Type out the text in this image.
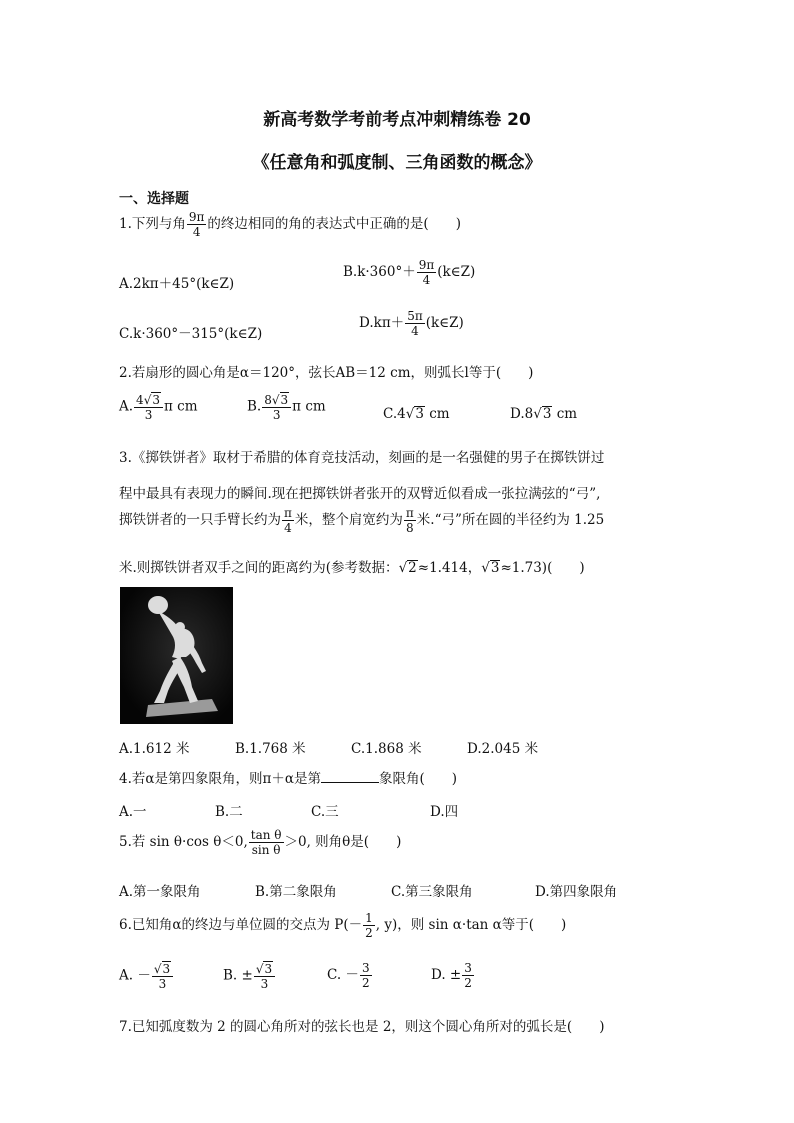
新高考数学考前考点冲刺精练卷 20
《任意角和弧度制、三角函数的概念》
一、选择题
1.下列与角 $\frac{9\pi}{4}$ 的终边相同的角的表达式中正确的是(　　)
A.2kπ＋45°(k∈Z)
$B.k\cdot 360^\circ+ \frac{9\pi}{4}$ (k∈Z)
C.k·360°－315°(k∈Z)
$D.k\pi+ \frac{5\pi}{4}$ (k∈Z)
2.若扇形的圆心角是α＝120°，弦长AB＝12 cm，则弧长l等于(　　)
A. $\frac{4√3}{3}$ π cm	B. $\frac{8√3}{3}$ π cm	C.4√3 cm	D.8√3 cm
3.《掷铁饼者》取材于希腊的体育竞技活动，刻画的是一名强健的男子在掷铁饼过
程中最具有表现力的瞬间.现在把掷铁饼者张开的双臂近似看成一张拉满弦的“弓”,
掷铁饼者的一只手臂长约为 $\frac{\pi}{4}$ 米，整个肩宽约为 $\frac{\pi}{8}$ 米.“弓”所在圆的半径约为 1.25
米.则掷铁饼者双手之间的距离约为(参考数据：√2≈1.414，√3≈1.73)(　　)
A.1.612 米	B.1.768 米	C.1.868 米	D.2.045 米
4.若α是第四象限角，则π＋α是第	象限角(　　)
A.一	B.二	C.三	D.四
5.若 sin θ·cos θ＜0, $\frac{\text{tan θ}}{\text{sin θ}} >0$, 则角θ是(　　)
A.第一象限角	B.第二象限角	C.第三象限角	D.第四象限角
6.已知角α的终边与单位圆的交点为 $P(- \frac{1}{2}$ , y)，则 sin α·tan α等于(　　)
A. － $\frac{√3}{3}$	B. ± $\frac{√3}{3}$	C. － $\frac{3}{2}$	D. ± $\frac{3}{2}$
7.已知弧度数为 2 的圆心角所对的弦长也是 2，则这个圆心角所对的弧长是(　　)
